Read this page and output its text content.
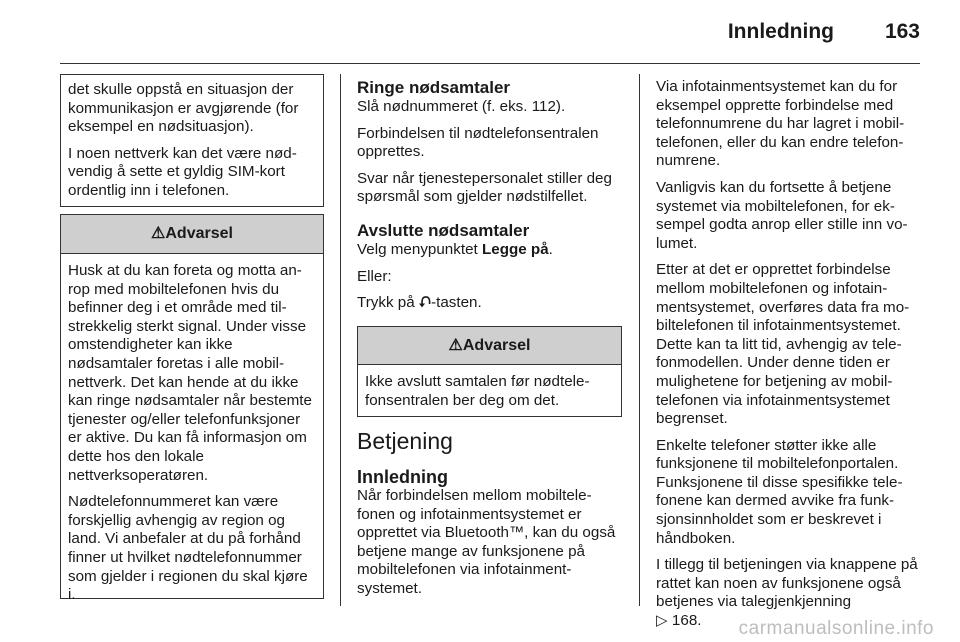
Innledning 163

det skulle oppstå en situasjon der kommunikasjon er avgjørende (for eksempel en nødsituasjon).

I noen nettverk kan det være nødvendig å sette et gyldig SIM-kort ordentlig inn i telefonen.

⚠Advarsel

Husk at du kan foreta og motta anrop med mobiltelefonen hvis du befinner deg i et område med tilstrekkelig sterkt signal. Under visse omstendigheter kan ikke nødsamtaler foretas i alle mobilnettverk. Det kan hende at du ikke kan ringe nødsamtaler når bestemte tjenester og/eller telefonfunksjoner er aktive. Du kan få informasjon om dette hos den lokale nettverksoperatøren.

Nødtelefonnummeret kan være forskjellig avhengig av region og land. Vi anbefaler at du på forhånd finner ut hvilket nødtelefonnummer som gjelder i regionen du skal kjøre i.

Ringe nødsamtaler

Slå nødnummeret (f. eks. 112).

Forbindelsen til nødtelefonsentralen opprettes.

Svar når tjenestepersonalet stiller deg spørsmål som gjelder nødstilfellet.

Avslutte nødsamtaler

Velg menypunktet Legge på.

Eller:

Trykk på ⮏-tasten.

⚠Advarsel

Ikke avslutt samtalen før nødtelefonsentralen ber deg om det.

Betjening
Innledning

Når forbindelsen mellom mobiltelefonen og infotainmentsystemet er opprettet via Bluetooth™, kan du også betjene mange av funksjonene på mobiltelefonen via infotainmentsystemet.

Via infotainmentsystemet kan du for eksempel opprette forbindelse med telefonnumrene du har lagret i mobiltelefonen, eller du kan endre telefonnumrene.

Vanligvis kan du fortsette å betjene systemet via mobiltelefonen, for eksempel godta anrop eller stille inn volumet.

Etter at det er opprettet forbindelse mellom mobiltelefonen og infotainmentsystemet, overføres data fra mobiltelefonen til infotainmentsystemet. Dette kan ta litt tid, avhengig av telefonmodellen. Under denne tiden er mulighetene for betjening av mobiltelefonen via infotainmentsystemet begrenset.

Enkelte telefoner støtter ikke alle funksjonene til mobiltelefonportalen. Funksjonene til disse spesifikke telefonene kan dermed avvike fra funksjonsinnholdet som er beskrevet i håndboken.

I tillegg til betjeningen via knappene på rattet kan noen av funksjonene også betjenes via talegjenkjenning
▷ 168.	carmanualsonline.info
